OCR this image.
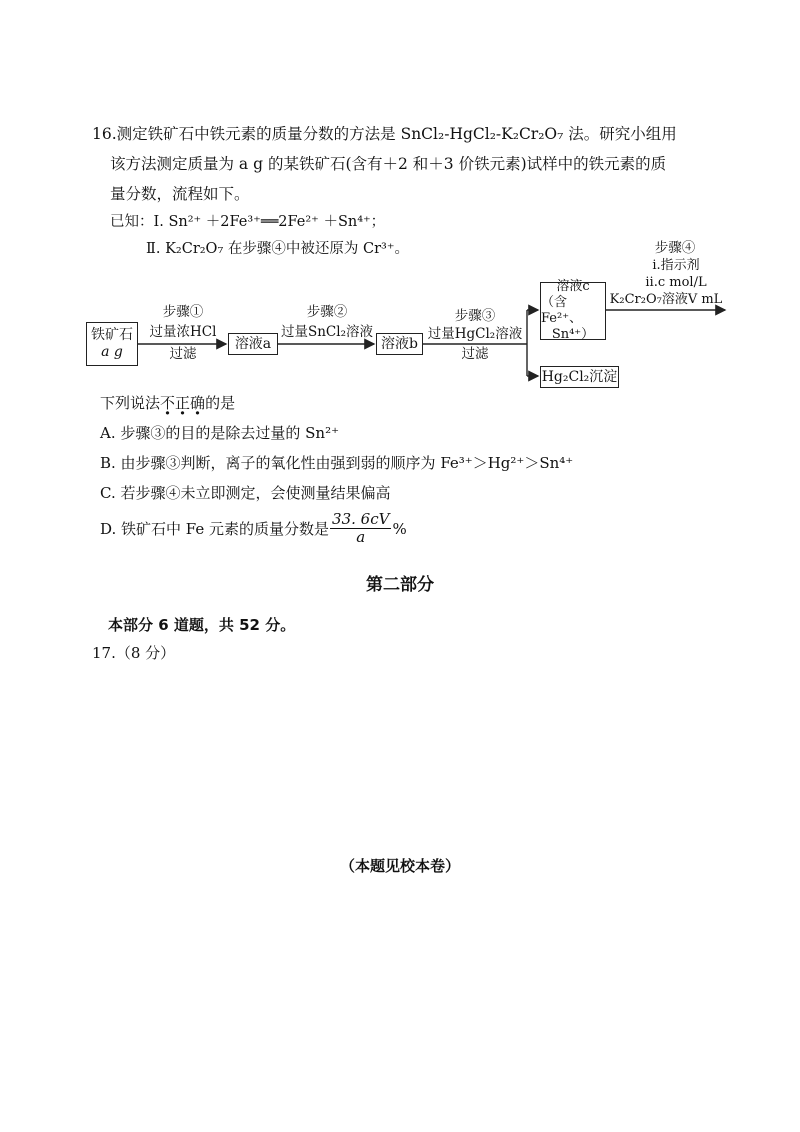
16.测定铁矿石中铁元素的质量分数的方法是 SnCl₂-HgCl₂-K₂Cr₂O₇ 法。研究小组用
该方法测定质量为 a g 的某铁矿石(含有＋2 和＋3 价铁元素)试样中的铁元素的质
量分数，流程如下。
已知：Ⅰ. Sn²⁺ ＋2Fe³⁺══2Fe²⁺ ＋Sn⁴⁺；
Ⅱ. K₂Cr₂O₇ 在步骤④中被还原为 Cr³⁺。
铁矿石
a g
步骤①
过量浓HCl
过滤
溶液a
步骤②
过量SnCl₂溶液
溶液b
步骤③
过量HgCl₂溶液
过滤
溶液c
（含Fe²⁺、
Sn⁴⁺）
Hg₂Cl₂沉淀
步骤④
ⅰ.指示剂
ⅱ.c mol/L
K₂Cr₂O₇溶液V mL
下列说法不正确的是
A. 步骤③的目的是除去过量的 Sn²⁺
B. 由步骤③判断，离子的氧化性由强到弱的顺序为 Fe³⁺＞Hg²⁺＞Sn⁴⁺
C. 若步骤④未立即测定，会使测量结果偏高
D. 铁矿石中 Fe 元素的质量分数是 $\frac{33. 6cV}{a}$ %
第二部分
本部分 6 道题，共 52 分。
17.（8 分）
（本题见校本卷）
